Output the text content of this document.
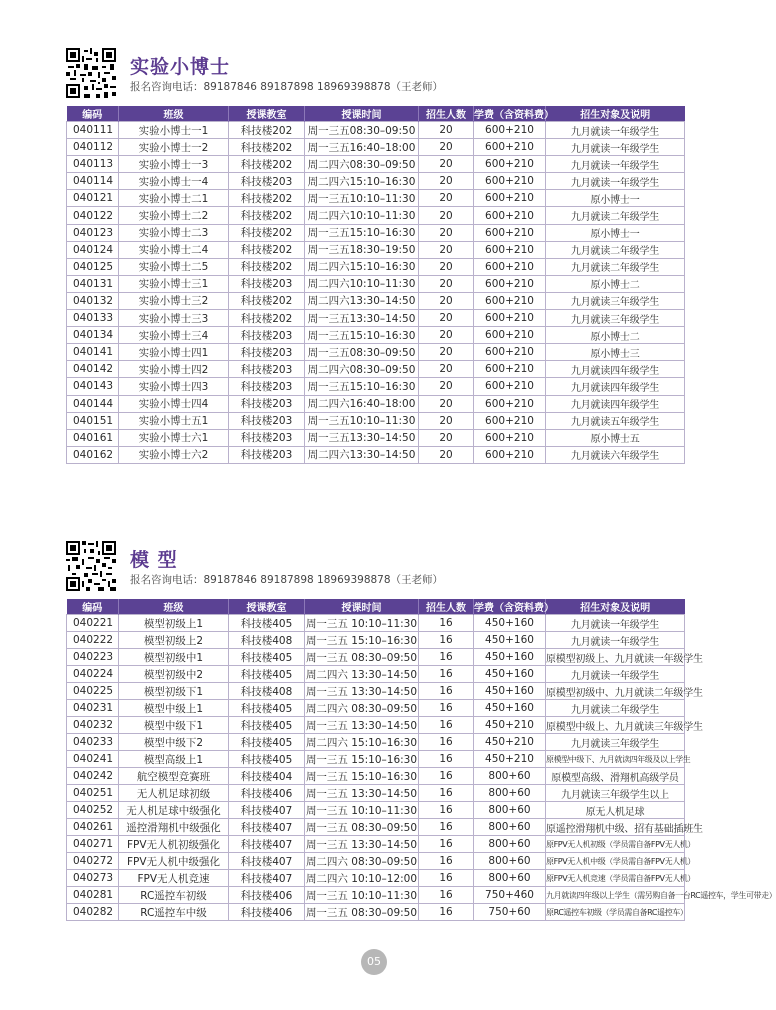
实验小博士
报名咨询电话：89187846 89187898 18969398878（王老师）
编码	班级	授课教室	授课时间	招生人数	学费（含资料费）	招生对象及说明
040111	实验小博士一1	科技楼202	周一三五08:30–09:50	20	600+210	九月就读一年级学生
040112	实验小博士一2	科技楼202	周一三五16:40–18:00	20	600+210	九月就读一年级学生
040113	实验小博士一3	科技楼202	周二四六08:30–09:50	20	600+210	九月就读一年级学生
040114	实验小博士一4	科技楼203	周二四六15:10–16:30	20	600+210	九月就读一年级学生
040121	实验小博士二1	科技楼202	周一三五10:10–11:30	20	600+210	原小博士一
040122	实验小博士二2	科技楼202	周二四六10:10–11:30	20	600+210	九月就读二年级学生
040123	实验小博士二3	科技楼202	周一三五15:10–16:30	20	600+210	原小博士一
040124	实验小博士二4	科技楼202	周一三五18:30–19:50	20	600+210	九月就读二年级学生
040125	实验小博士二5	科技楼202	周二四六15:10–16:30	20	600+210	九月就读二年级学生
040131	实验小博士三1	科技楼203	周二四六10:10–11:30	20	600+210	原小博士二
040132	实验小博士三2	科技楼202	周二四六13:30–14:50	20	600+210	九月就读三年级学生
040133	实验小博士三3	科技楼202	周一三五13:30–14:50	20	600+210	九月就读三年级学生
040134	实验小博士三4	科技楼203	周一三五15:10–16:30	20	600+210	原小博士二
040141	实验小博士四1	科技楼203	周一三五08:30–09:50	20	600+210	原小博士三
040142	实验小博士四2	科技楼203	周二四六08:30–09:50	20	600+210	九月就读四年级学生
040143	实验小博士四3	科技楼203	周一三五15:10–16:30	20	600+210	九月就读四年级学生
040144	实验小博士四4	科技楼203	周二四六16:40–18:00	20	600+210	九月就读四年级学生
040151	实验小博士五1	科技楼203	周一三五10:10–11:30	20	600+210	九月就读五年级学生
040161	实验小博士六1	科技楼203	周一三五13:30–14:50	20	600+210	原小博士五
040162	实验小博士六2	科技楼203	周二四六13:30–14:50	20	600+210	九月就读六年级学生
模 型
报名咨询电话：89187846 89187898 18969398878（王老师）
编码	班级	授课教室	授课时间	招生人数	学费（含资料费）	招生对象及说明
040221	模型初级上1	科技楼405	周一三五 10:10–11:30	16	450+160	九月就读一年级学生
040222	模型初级上2	科技楼408	周一三五 15:10–16:30	16	450+160	九月就读一年级学生
040223	模型初级中1	科技楼405	周一三五 08:30–09:50	16	450+160	原模型初级上、九月就读一年级学生
040224	模型初级中2	科技楼405	周二四六 13:30–14:50	16	450+160	九月就读一年级学生
040225	模型初级下1	科技楼408	周一三五 13:30–14:50	16	450+160	原模型初级中、九月就读二年级学生
040231	模型中级上1	科技楼405	周二四六 08:30–09:50	16	450+160	九月就读二年级学生
040232	模型中级下1	科技楼405	周一三五 13:30–14:50	16	450+210	原模型中级上、九月就读三年级学生
040233	模型中级下2	科技楼405	周二四六 15:10–16:30	16	450+210	九月就读三年级学生
040241	模型高级上1	科技楼405	周一三五 15:10–16:30	16	450+210	原模型中级下、九月就读四年级及以上学生
040242	航空模型竞赛班	科技楼404	周一三五 15:10–16:30	16	800+60	原模型高级、滑翔机高级学员
040251	无人机足球初级	科技楼406	周一三五 13:30–14:50	16	800+60	九月就读三年级学生以上
040252	无人机足球中级强化	科技楼407	周一三五 10:10–11:30	16	800+60	原无人机足球
040261	遥控滑翔机中级强化	科技楼407	周一三五 08:30–09:50	16	800+60	原遥控滑翔机中级、招有基础插班生
040271	FPV无人机初级强化	科技楼407	周一三五 13:30–14:50	16	800+60	原FPV无人机初级（学员需自备FPV无人机）
040272	FPV无人机中级强化	科技楼407	周二四六 08:30–09:50	16	800+60	原FPV无人机中级（学员需自备FPV无人机）
040273	FPV无人机竞速	科技楼407	周二四六 10:10–12:00	16	800+60	原FPV无人机竞速（学员需自备FPV无人机）
040281	RC遥控车初级	科技楼406	周一三五 10:10–11:30	16	750+460	九月就读四年级以上学生（需另购自备一台RC遥控车，学生可带走）
040282	RC遥控车中级	科技楼406	周一三五 08:30–09:50	16	750+60	原RC遥控车初级（学员需自备RC遥控车）
05
